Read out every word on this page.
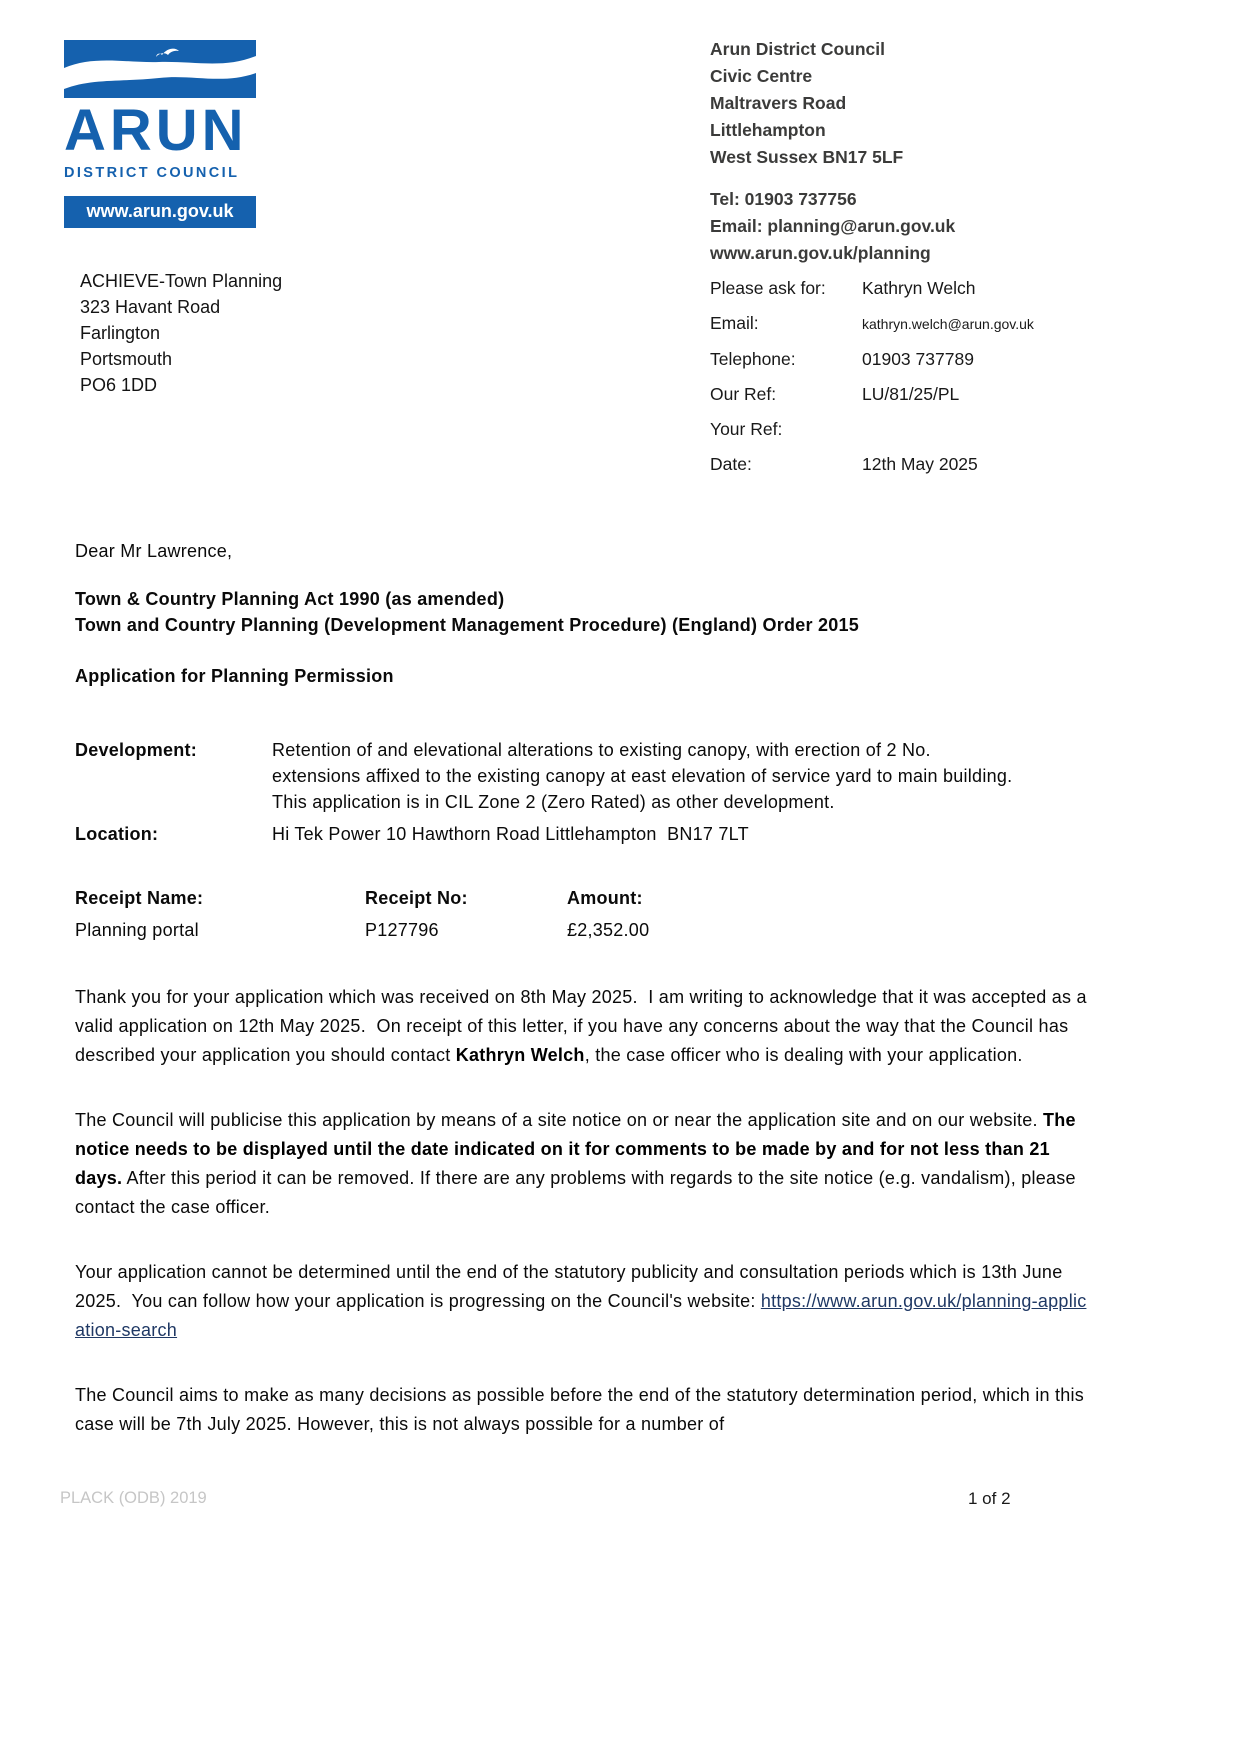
ARUN
DISTRICT COUNCIL
www.arun.gov.uk
Arun District Council
Civic Centre
Maltravers Road
Littlehampton
West Sussex BN17 5LF
Tel: 01903 737756
Email: planning@arun.gov.uk
www.arun.gov.uk/planning
Please ask for:	Kathryn Welch
Email:	kathryn.welch@arun.gov.uk
Telephone:	01903 737789
Our Ref:	LU/81/25/PL
Your Ref:
Date:	12th May 2025
ACHIEVE-Town Planning
323 Havant Road
Farlington
Portsmouth
PO6 1DD
Dear Mr Lawrence,
Town & Country Planning Act 1990 (as amended)
Town and Country Planning (Development Management Procedure) (England) Order 2015
Application for Planning Permission
Development:	Retention of and elevational alterations to existing canopy, with erection of 2 No. extensions affixed to the existing canopy at east elevation of service yard to main building. This application is in CIL Zone 2 (Zero Rated) as other development.
Location:	Hi Tek Power 10 Hawthorn Road Littlehampton  BN17 7LT
Receipt Name:	Receipt No:	Amount:
Planning portal	P127796	£2,352.00

Thank you for your application which was received on 8th May 2025.  I am writing to acknowledge that it was accepted as a valid application on 12th May 2025.  On receipt of this letter, if you have any concerns about the way that the Council has described your application you should contact Kathryn Welch, the case officer who is dealing with your application.

The Council will publicise this application by means of a site notice on or near the application site and on our website. The notice needs to be displayed until the date indicated on it for comments to be made by and for not less than 21 days. After this period it can be removed. If there are any problems with regards to the site notice (e.g. vandalism), please contact the case officer.

Your application cannot be determined until the end of the statutory publicity and consultation periods which is 13th June 2025.  You can follow how your application is progressing on the Council's website: https://www.arun.gov.uk/planning-application-search

The Council aims to make as many decisions as possible before the end of the statutory determination period, which in this case will be 7th July 2025. However, this is not always possible for a number of

PLACK (ODB) 2019	1 of 2
